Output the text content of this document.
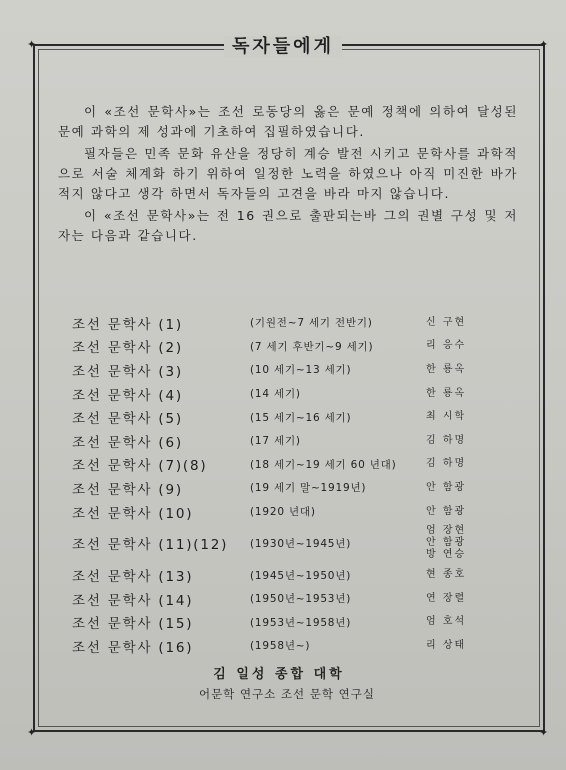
✦	✦
✦	✦
독자들에게

이 «조선 문학사»는 조선 로동당의 옳은 문예 정책에 의하여 달성된 문예 과학의 제 성과에 기초하여 집필하였습니다.

필자들은 민족 문화 유산을 정당히 계승 발전 시키고 문학사를 과학적으로 서술 체계화 하기 위하여 일정한 노력을 하였으나 아직 미진한 바가 적지 않다고 생각 하면서 독자들의 고견을 바라 마지 않습니다.

이 «조선 문학사»는 전 16 권으로 출판되는바 그의 권별 구성 및 저자는 다음과 같습니다.

조선 문학사 (1)	(기원전~7 세기 전반기)	신 구현
조선 문학사 (2)	(7 세기 후반기~9 세기)	리 응수
조선 문학사 (3)	(10 세기~13 세기)	한 룡옥
조선 문학사 (4)	(14 세기)	한 룡옥
조선 문학사 (5)	(15 세기~16 세기)	최 시학
조선 문학사 (6)	(17 세기)	김 하명
조선 문학사 (7)(8)	(18 세기~19 세기 60 년대)	김 하명
조선 문학사 (9)	(19 세기 말~1919년)	안 함광
조선 문학사 (10)	(1920 년대)	안 함광
조선 문학사 (11)(12)	(1930년~1945년)
엄 장현
안 함광
방 연승
조선 문학사 (13)	(1945년~1950년)	현 종호
조선 문학사 (14)	(1950년~1953년)	연 장렬
조선 문학사 (15)	(1953년~1958년)	엄 호석
조선 문학사 (16)	(1958년~)	리 상태
김 일성 종합 대학
어문학 연구소 조선 문학 연구실
